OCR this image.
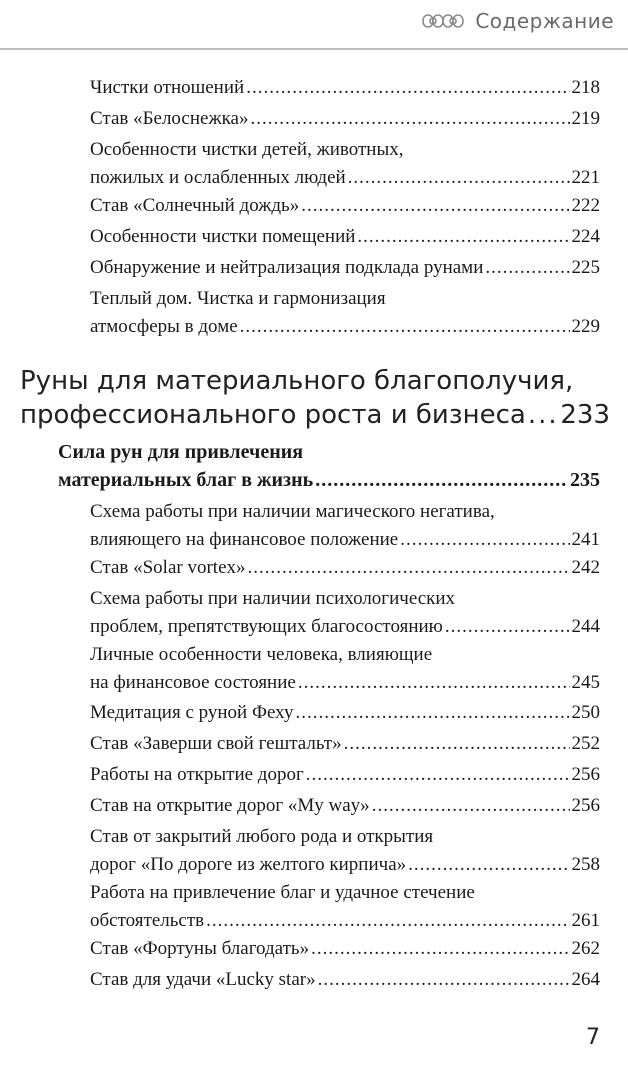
Содержание
Чистки отношений .....	218
Став «Белоснежка» .....	219
Особенности чистки детей, животных,
пожилых и ослабленных людей .....	221
Став «Солнечный дождь» .....	222
Особенности чистки помещений .....	224
Обнаружение и нейтрализация подклада рунами .....	225
Теплый дом. Чистка и гармонизация
атмосферы в доме .....	229
Руны для материального благополучия,
профессионального роста и бизнеса ..... 233
Сила рун для привлечения
материальных благ в жизнь .....	235
Схема работы при наличии магического негатива,
влияющего на финансовое положение .....	241
Став «Solar vortex» .....	242
Схема работы при наличии психологических
проблем, препятствующих благосостоянию .....	244
Личные особенности человека, влияющие
на финансовое состояние .....	245
Медитация с руной Феху .....	250
Став «Заверши свой гештальт» .....	252
Работы на открытие дорог .....	256
Став на открытие дорог «My way» .....	256
Став от закрытий любого рода и открытия
дорог «По дороге из желтого кирпича» .....	258
Работа на привлечение благ и удачное стечение
обстоятельств .....	261
Став «Фортуны благодать» .....	262
Став для удачи «Lucky star» .....	264
7
